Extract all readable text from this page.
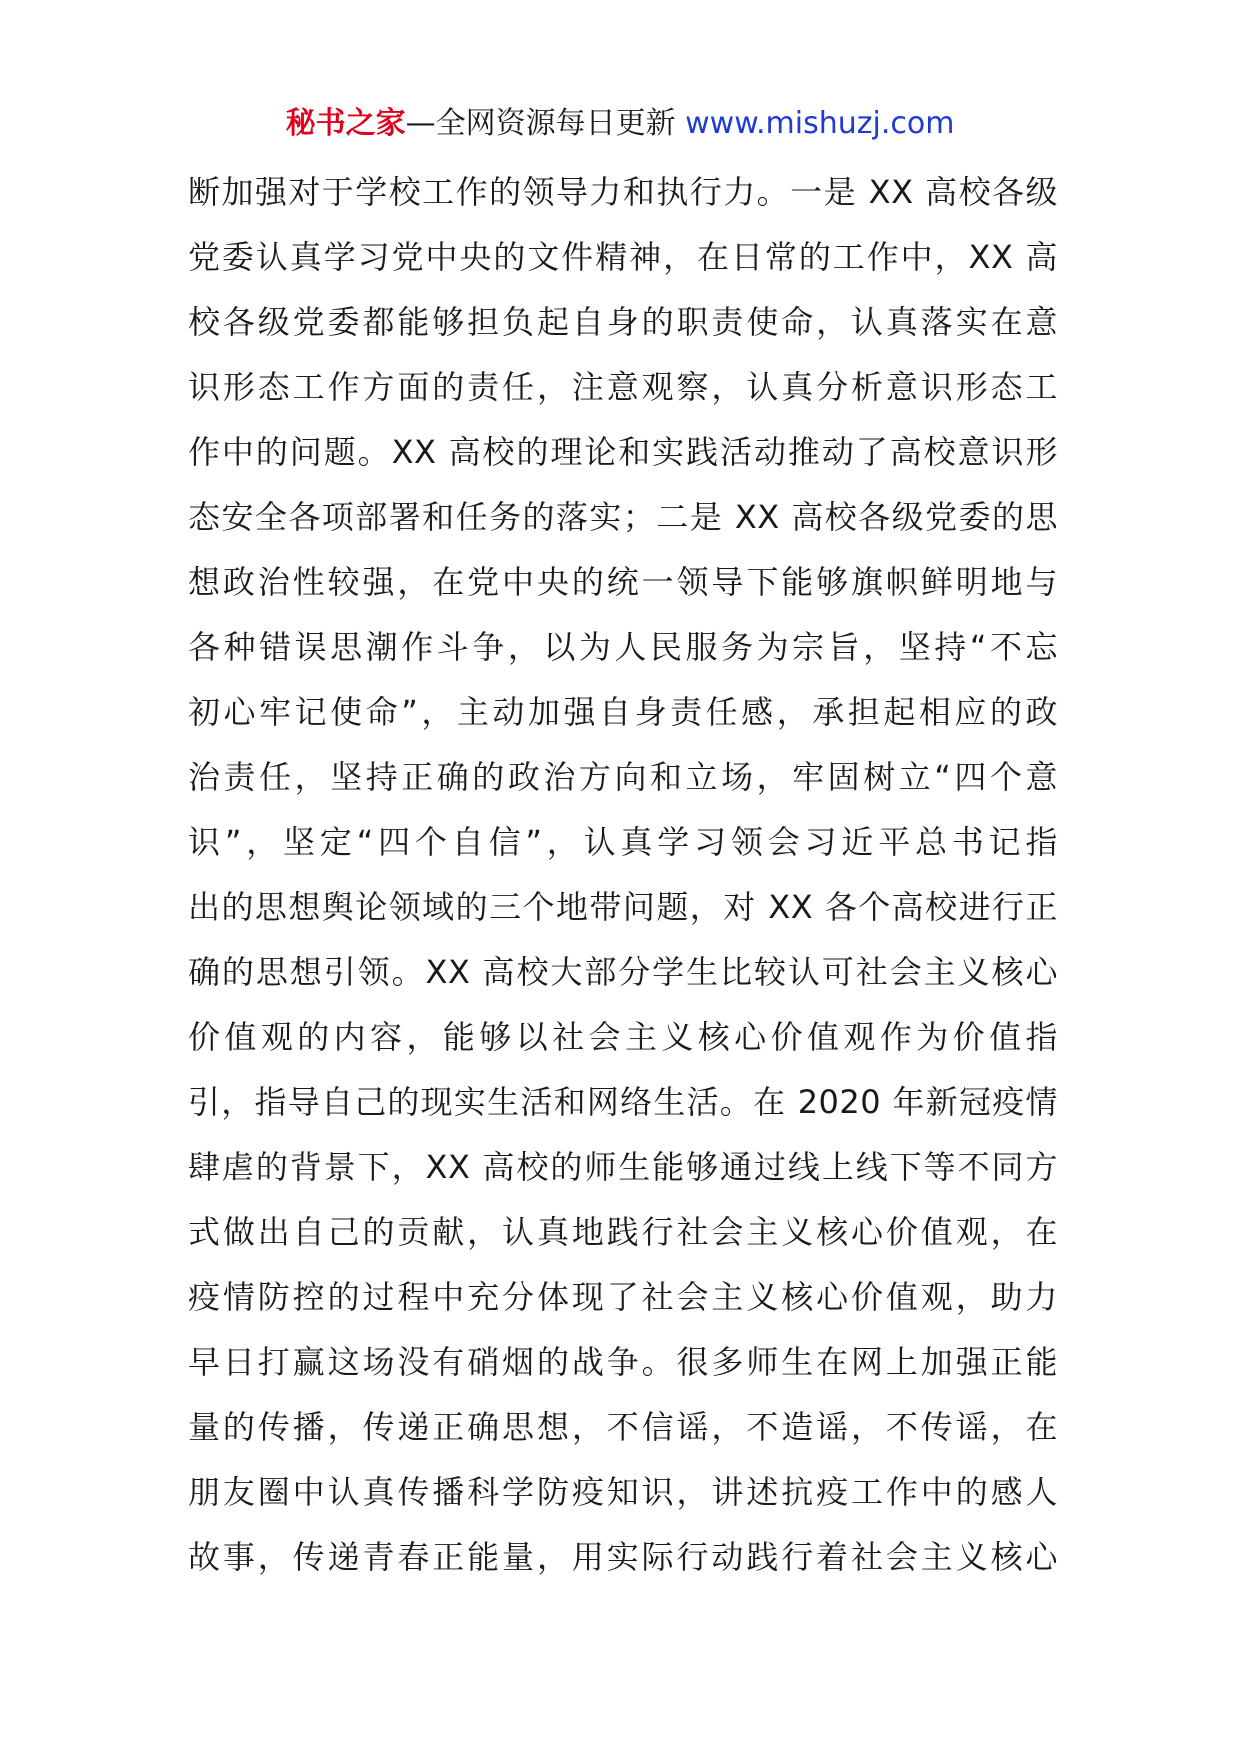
秘书之家—全网资源每日更新 www.mishuzj.com
断加强对于学校工作的领导力和执行力。一是 XX 高校各级
党委认真学习党中央的文件精神，在日常的工作中，XX 高
校各级党委都能够担负起自身的职责使命，认真落实在意
识形态工作方面的责任，注意观察，认真分析意识形态工
作中的问题。XX 高校的理论和实践活动推动了高校意识形
态安全各项部署和任务的落实；二是 XX 高校各级党委的思
想政治性较强，在党中央的统一领导下能够旗帜鲜明地与
各种错误思潮作斗争，以为人民服务为宗旨，坚持“不忘
初心牢记使命”，主动加强自身责任感，承担起相应的政
治责任，坚持正确的政治方向和立场，牢固树立“四个意
识”，坚定“四个自信”，认真学习领会习近平总书记指
出的思想舆论领域的三个地带问题，对 XX 各个高校进行正
确的思想引领。XX 高校大部分学生比较认可社会主义核心
价值观的内容，能够以社会主义核心价值观作为价值指
引，指导自己的现实生活和网络生活。在 2020 年新冠疫情
肆虐的背景下，XX 高校的师生能够通过线上线下等不同方
式做出自己的贡献，认真地践行社会主义核心价值观，在
疫情防控的过程中充分体现了社会主义核心价值观，助力
早日打赢这场没有硝烟的战争。很多师生在网上加强正能
量的传播，传递正确思想，不信谣，不造谣，不传谣，在
朋友圈中认真传播科学防疫知识，讲述抗疫工作中的感人
故事，传递青春正能量，用实际行动践行着社会主义核心
